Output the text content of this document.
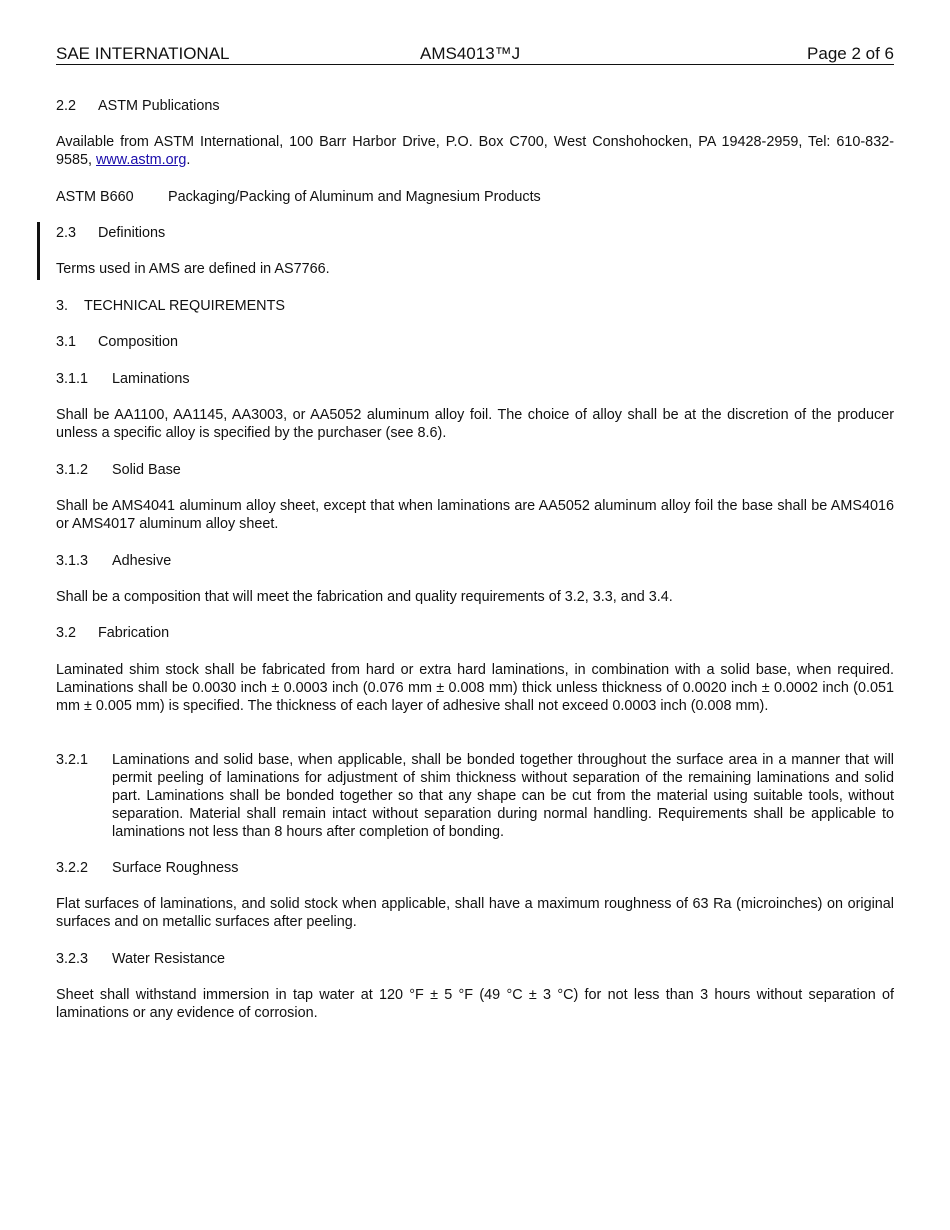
SAE INTERNATIONAL	AMS4013™J	Page 2 of 6
2.2 ASTM Publications
Available from ASTM International, 100 Barr Harbor Drive, P.O. Box C700, West Conshohocken, PA 19428-2959, Tel: 610-832-9585, www.astm.org.
ASTM B660 Packaging/Packing of Aluminum and Magnesium Products
2.3 Definitions
Terms used in AMS are defined in AS7766.
3. TECHNICAL REQUIREMENTS
3.1 Composition
3.1.1 Laminations
Shall be AA1100, AA1145, AA3003, or AA5052 aluminum alloy foil. The choice of alloy shall be at the discretion of the producer unless a specific alloy is specified by the purchaser (see 8.6).
3.1.2 Solid Base
Shall be AMS4041 aluminum alloy sheet, except that when laminations are AA5052 aluminum alloy foil the base shall be AMS4016 or AMS4017 aluminum alloy sheet.
3.1.3 Adhesive
Shall be a composition that will meet the fabrication and quality requirements of 3.2, 3.3, and 3.4.
3.2 Fabrication
Laminated shim stock shall be fabricated from hard or extra hard laminations, in combination with a solid base, when required. Laminations shall be 0.0030 inch ± 0.0003 inch (0.076 mm ± 0.008 mm) thick unless thickness of 0.0020 inch ± 0.0002 inch (0.051 mm ± 0.005 mm) is specified. The thickness of each layer of adhesive shall not exceed 0.0003 inch (0.008 mm).
3.2.1 Laminations and solid base, when applicable, shall be bonded together throughout the surface area in a manner that will permit peeling of laminations for adjustment of shim thickness without separation of the remaining laminations and solid part. Laminations shall be bonded together so that any shape can be cut from the material using suitable tools, without separation. Material shall remain intact without separation during normal handling. Requirements shall be applicable to laminations not less than 8 hours after completion of bonding.
3.2.2 Surface Roughness
Flat surfaces of laminations, and solid stock when applicable, shall have a maximum roughness of 63 Ra (microinches) on original surfaces and on metallic surfaces after peeling.
3.2.3 Water Resistance
Sheet shall withstand immersion in tap water at 120 °F ± 5 °F (49 °C ± 3 °C) for not less than 3 hours without separation of laminations or any evidence of corrosion.
